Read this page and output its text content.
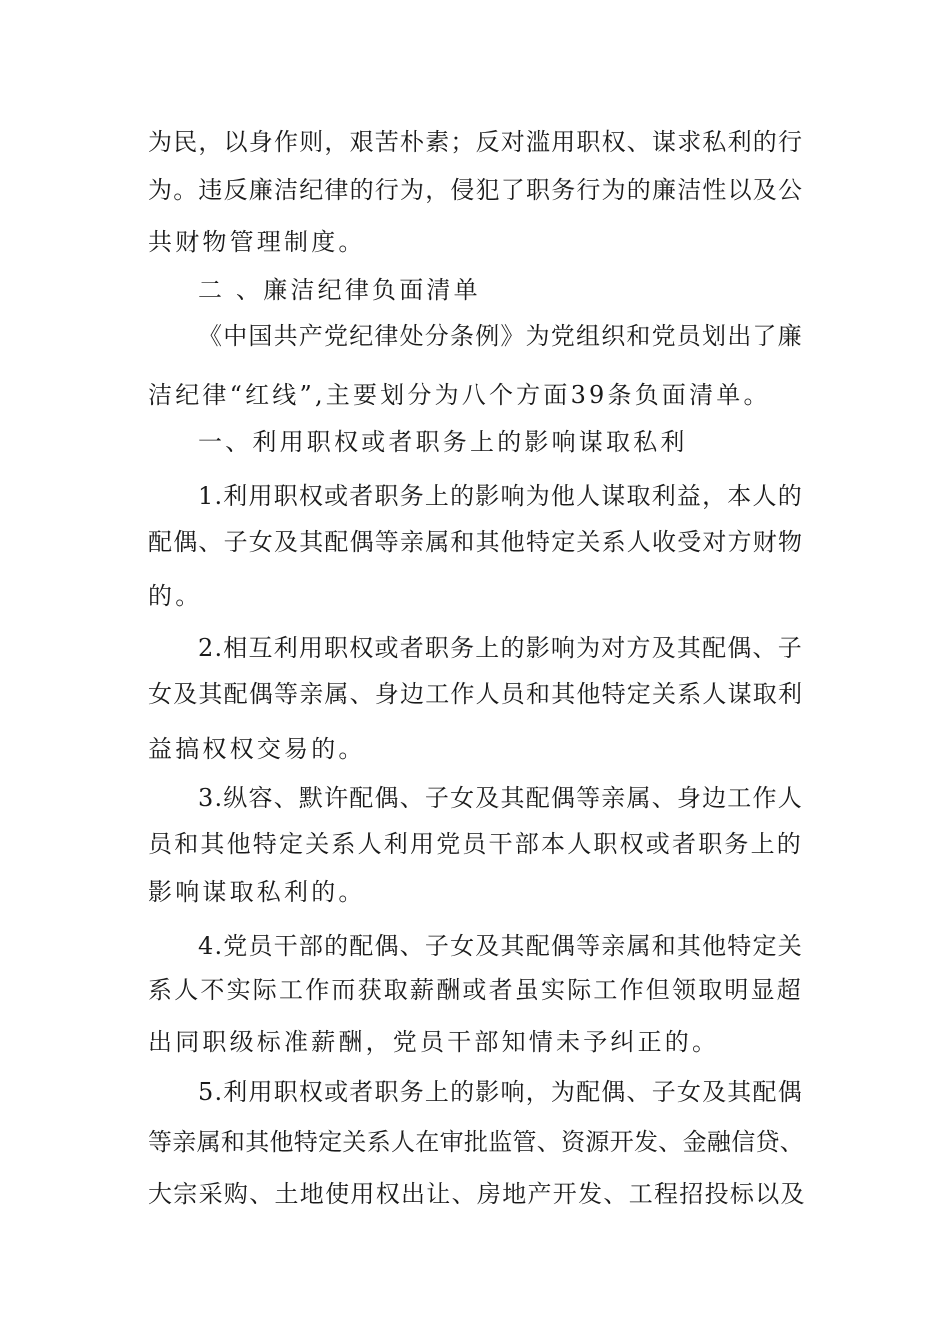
为民，以身作则，艰苦朴素；反对滥用职权、谋求私利的行
为。违反廉洁纪律的行为，侵犯了职务行为的廉洁性以及公
共财物管理制度。
二 、廉洁纪律负面清单
《中国共产党纪律处分条例》为党组织和党员划出了廉
洁纪律“红线”,主要划分为八个方面39条负面清单。
一、利用职权或者职务上的影响谋取私利
1.利用职权或者职务上的影响为他人谋取利益，本人的
配偶、子女及其配偶等亲属和其他特定关系人收受对方财物
的。
2.相互利用职权或者职务上的影响为对方及其配偶、子
女及其配偶等亲属、身边工作人员和其他特定关系人谋取利
益搞权权交易的。
3.纵容、默许配偶、子女及其配偶等亲属、身边工作人
员和其他特定关系人利用党员干部本人职权或者职务上的
影响谋取私利的。
4.党员干部的配偶、子女及其配偶等亲属和其他特定关
系人不实际工作而获取薪酬或者虽实际工作但领取明显超
出同职级标准薪酬，党员干部知情未予纠正的。
5.利用职权或者职务上的影响，为配偶、子女及其配偶
等亲属和其他特定关系人在审批监管、资源开发、金融信贷、
大宗采购、土地使用权出让、房地产开发、工程招投标以及
